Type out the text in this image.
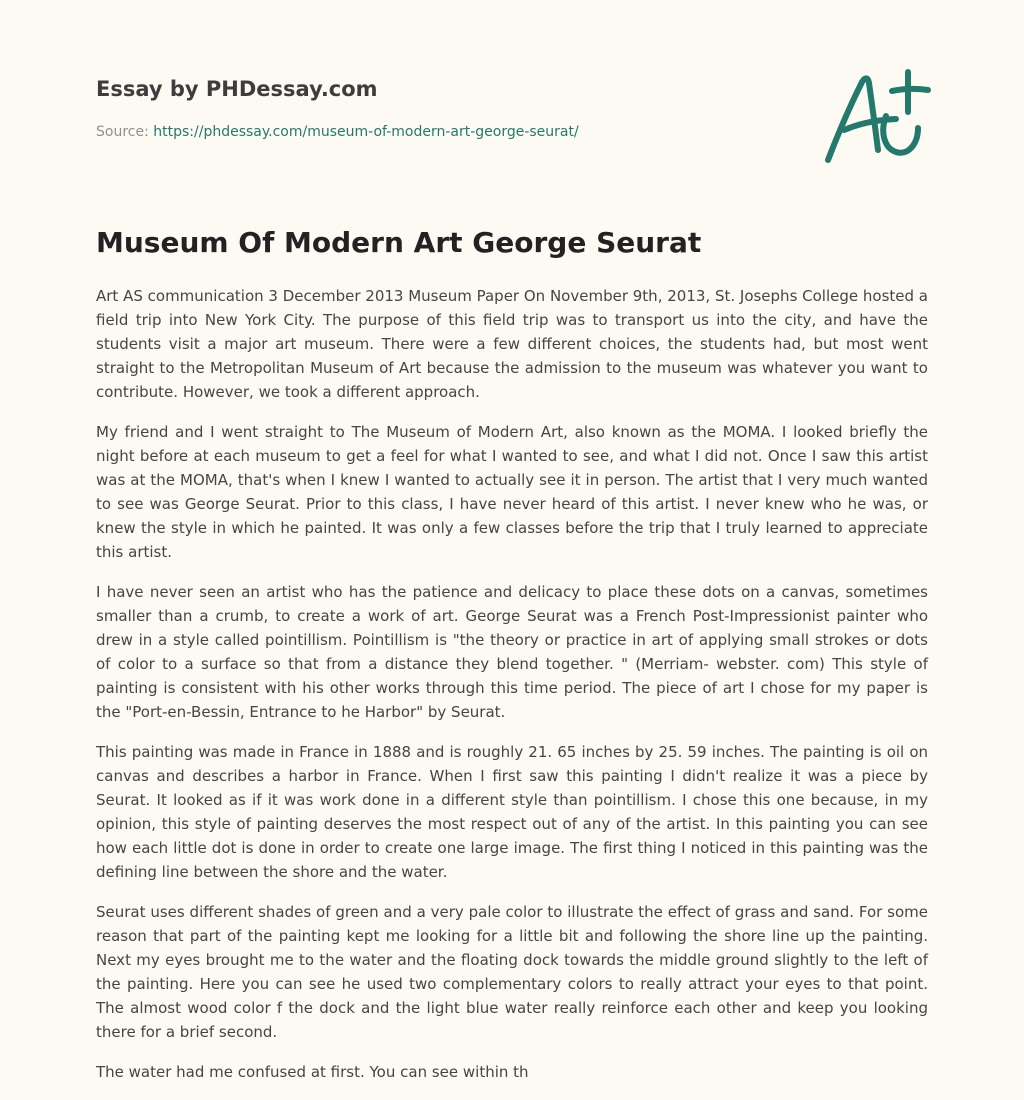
Essay by PHDessay.com
Source: https://phdessay.com/museum-of-modern-art-george-seurat/
Museum Of Modern Art George Seurat

Art AS communication 3 December 2013 Museum Paper On November 9th, 2013, St. Josephs College hosted a field trip into New York City. The purpose of this field trip was to transport us into the city, and have the students visit a major art museum. There were a few different choices, the students had, but most went straight to the Metropolitan Museum of Art because the admission to the museum was whatever you want to contribute. However, we took a different approach.

My friend and I went straight to The Museum of Modern Art, also known as the MOMA. I looked briefly the night before at each museum to get a feel for what I wanted to see, and what I did not. Once I saw this artist was at the MOMA, that's when I knew I wanted to actually see it in person. The artist that I very much wanted to see was George Seurat. Prior to this class, I have never heard of this artist. I never knew who he was, or knew the style in which he painted. It was only a few classes before the trip that I truly learned to appreciate this artist.

I have never seen an artist who has the patience and delicacy to place these dots on a canvas, sometimes smaller than a crumb, to create a work of art. George Seurat was a French Post-Impressionist painter who drew in a style called pointillism. Pointillism is "the theory or practice in art of applying small strokes or dots of color to a surface so that from a distance they blend together. " (Merriam- webster. com) This style of painting is consistent with his other works through this time period. The piece of art I chose for my paper is the "Port-en-Bessin, Entrance to he Harbor" by Seurat.

This painting was made in France in 1888 and is roughly 21. 65 inches by 25. 59 inches. The painting is oil on canvas and describes a harbor in France. When I first saw this painting I didn't realize it was a piece by Seurat. It looked as if it was work done in a different style than pointillism. I chose this one because, in my opinion, this style of painting deserves the most respect out of any of the artist. In this painting you can see how each little dot is done in order to create one large image. The first thing I noticed in this painting was the defining line between the shore and the water.

Seurat uses different shades of green and a very pale color to illustrate the effect of grass and sand. For some reason that part of the painting kept me looking for a little bit and following the shore line up the painting. Next my eyes brought me to the water and the floating dock towards the middle ground slightly to the left of the painting. Here you can see he used two complementary colors to really attract your eyes to that point. The almost wood color f the dock and the light blue water really reinforce each other and keep you looking there for a brief second.

The water had me confused at first. You can see within th
